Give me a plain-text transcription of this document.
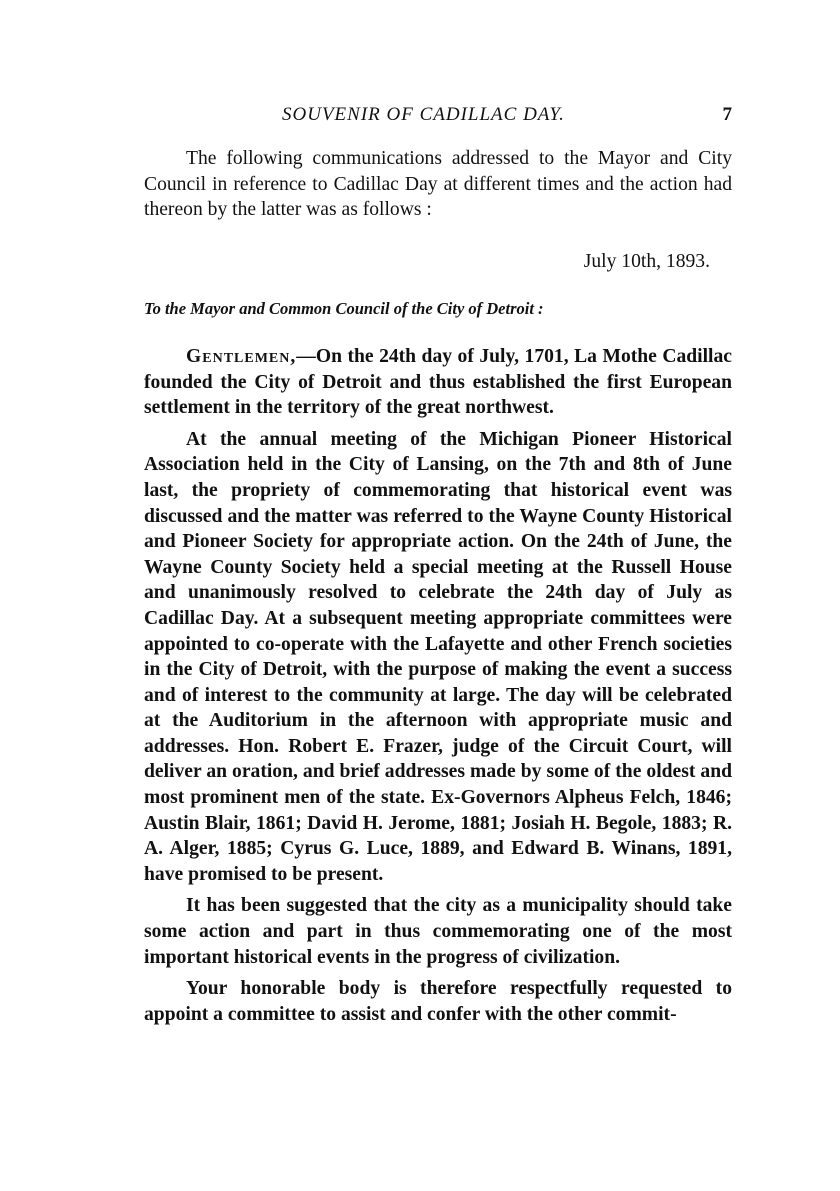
SOUVENIR OF CADILLAC DAY.	7

The following communications addressed to the Mayor and City Council in reference to Cadillac Day at different times and the action had thereon by the latter was as follows :

July 10th, 1893.

To the Mayor and Common Council of the City of Detroit :

Gentlemen,—On the 24th day of July, 1701, La Mothe Cadillac founded the City of Detroit and thus established the first European settlement in the territory of the great northwest.

At the annual meeting of the Michigan Pioneer Historical Association held in the City of Lansing, on the 7th and 8th of June last, the propriety of commemorating that historical event was discussed and the matter was referred to the Wayne County Historical and Pioneer Society for appropriate action. On the 24th of June, the Wayne County Society held a special meeting at the Russell House and unanimously resolved to celebrate the 24th day of July as Cadillac Day. At a subsequent meeting appropriate committees were appointed to co-operate with the Lafayette and other French societies in the City of Detroit, with the purpose of making the event a success and of interest to the community at large. The day will be celebrated at the Auditorium in the afternoon with appropriate music and addresses. Hon. Robert E. Frazer, judge of the Circuit Court, will deliver an oration, and brief addresses made by some of the oldest and most prominent men of the state. Ex-Governors Alpheus Felch, 1846; Austin Blair, 1861; David H. Jerome, 1881; Josiah H. Begole, 1883; R. A. Alger, 1885; Cyrus G. Luce, 1889, and Edward B. Winans, 1891, have promised to be present.

It has been suggested that the city as a municipality should take some action and part in thus commemorating one of the most important historical events in the progress of civilization.

Your honorable body is therefore respectfully requested to appoint a committee to assist and confer with the other commit-
